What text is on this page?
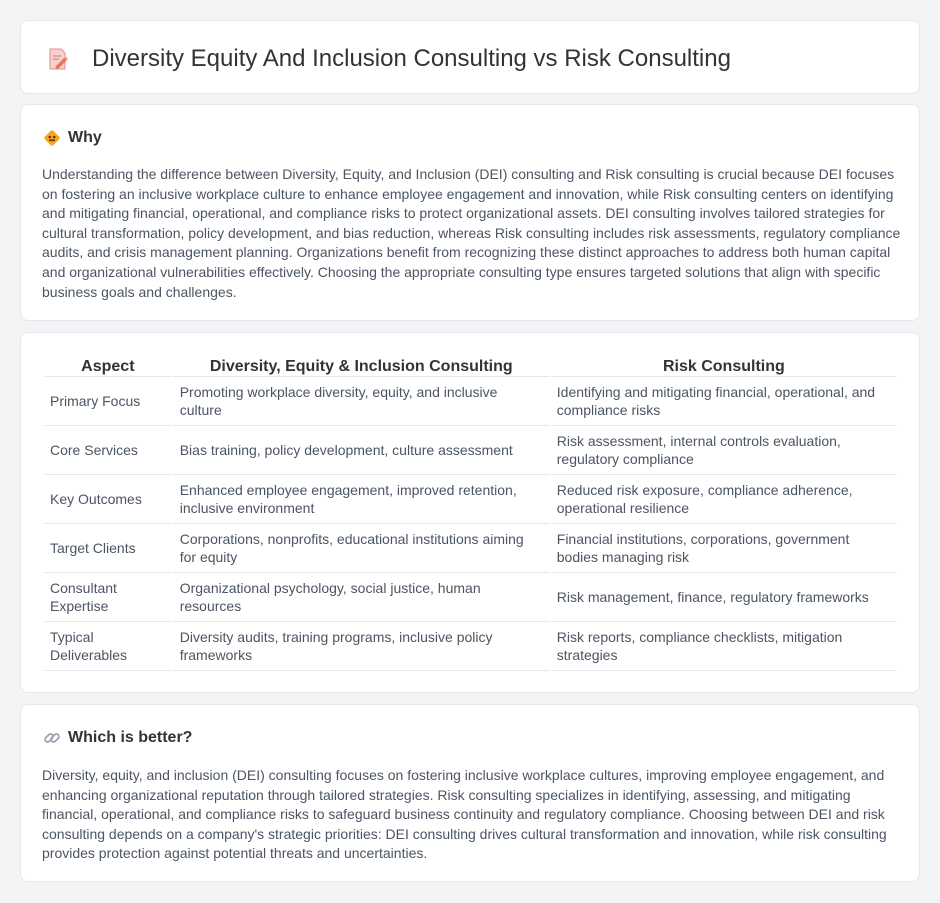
Diversity Equity And Inclusion Consulting vs Risk Consulting
Why

Understanding the difference between Diversity, Equity, and Inclusion (DEI) consulting and Risk consulting is crucial because DEI focuses on fostering an inclusive workplace culture to enhance employee engagement and innovation, while Risk consulting centers on identifying and mitigating financial, operational, and compliance risks to protect organizational assets. DEI consulting involves tailored strategies for cultural transformation, policy development, and bias reduction, whereas Risk consulting includes risk assessments, regulatory compliance audits, and crisis management planning. Organizations benefit from recognizing these distinct approaches to address both human capital and organizational vulnerabilities effectively. Choosing the appropriate consulting type ensures targeted solutions that align with specific business goals and challenges.

Aspect	Diversity, Equity & Inclusion Consulting	Risk Consulting
Primary Focus	Promoting workplace diversity, equity, and inclusive culture	Identifying and mitigating financial, operational, and compliance risks
Core Services	Bias training, policy development, culture assessment	Risk assessment, internal controls evaluation, regulatory compliance
Key Outcomes	Enhanced employee engagement, improved retention, inclusive environment	Reduced risk exposure, compliance adherence, operational resilience
Target Clients	Corporations, nonprofits, educational institutions aiming for equity	Financial institutions, corporations, government bodies managing risk
Consultant Expertise	Organizational psychology, social justice, human resources	Risk management, finance, regulatory frameworks
Typical Deliverables	Diversity audits, training programs, inclusive policy frameworks	Risk reports, compliance checklists, mitigation strategies
Which is better?

Diversity, equity, and inclusion (DEI) consulting focuses on fostering inclusive workplace cultures, improving employee engagement, and enhancing organizational reputation through tailored strategies. Risk consulting specializes in identifying, assessing, and mitigating financial, operational, and compliance risks to safeguard business continuity and regulatory compliance. Choosing between DEI and risk consulting depends on a company's strategic priorities: DEI consulting drives cultural transformation and innovation, while risk consulting provides protection against potential threats and uncertainties.
